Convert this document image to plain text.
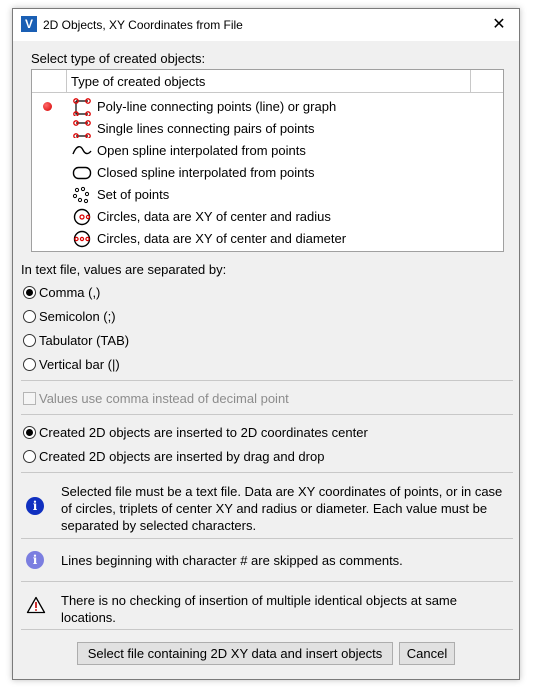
V 2D Objects, XY Coordinates from File	✕
Select type of created objects:
Type of created objects
Poly-line connecting points (line) or graph
Single lines connecting pairs of points
Open spline interpolated from points
Closed spline interpolated from points
Set of points
Circles, data are XY of center and radius
Circles, data are XY of center and diameter
In text file, values are separated by:
Comma (,)
Semicolon (;)
Tabulator (TAB)
Vertical bar (|)
Values use comma instead of decimal point
Created 2D objects are inserted to 2D coordinates center
Created 2D objects are inserted by drag and drop
i
Selected file must be a text file. Data are XY coordinates of points, or in case of circles, triplets of center XY and radius or diameter. Each value must be separated by selected characters.
i	Lines beginning with character # are skipped as comments.
There is no checking of insertion of multiple identical objects at same locations.
Select file containing 2D XY data and insert objects	Cancel
